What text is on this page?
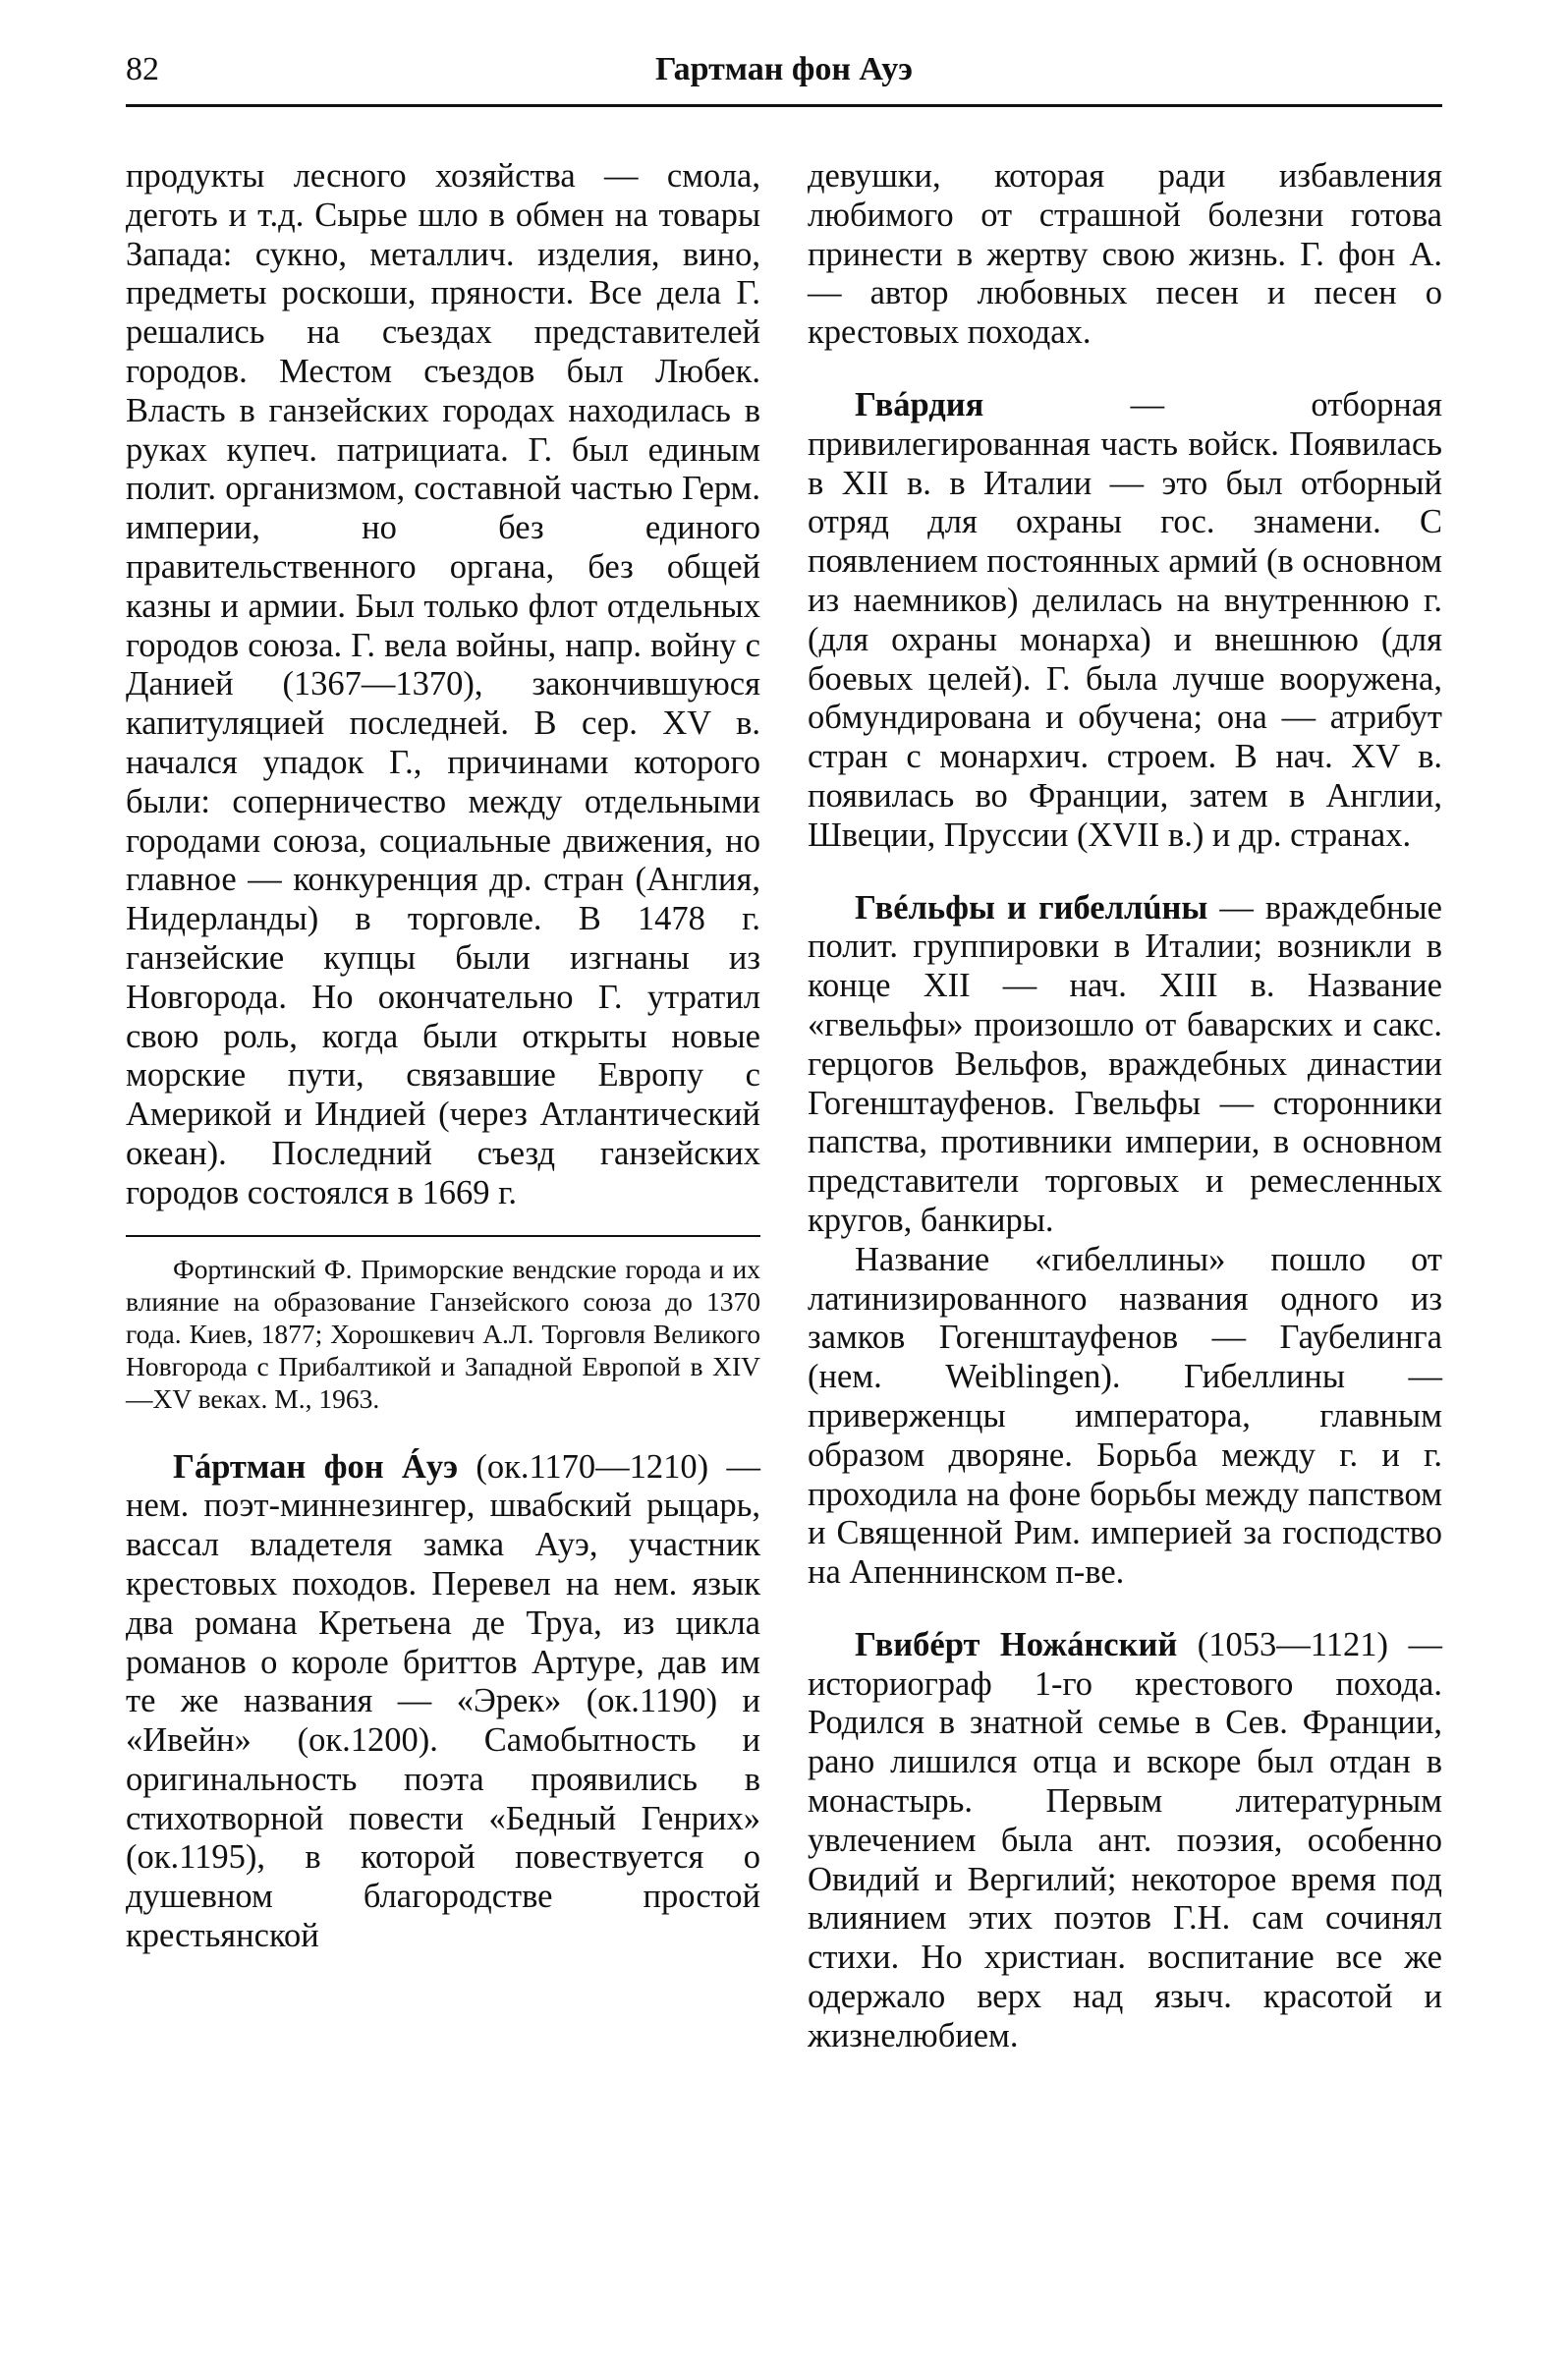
82	Гартман фон Ауэ

продукты лесного хозяйства — смола, деготь и т.д. Сырье шло в обмен на товары Запада: сукно, металлич. изделия, вино, предметы роскоши, пряности. Все дела Г. решались на съездах представителей городов. Местом съездов был Любек. Власть в ганзейских городах находилась в руках купеч. патрициата. Г. был единым полит. организмом, составной частью Герм. империи, но без единого правительственного органа, без общей казны и армии. Был только флот отдельных городов союза. Г. вела войны, напр. войну с Данией (1367—1370), закончившуюся капитуляцией последней. В сер. XV в. начался упадок Г., причинами которого были: соперничество между отдельными городами союза, социальные движения, но главное — конкуренция др. стран (Англия, Нидерланды) в торговле. В 1478 г. ганзейские купцы были изгнаны из Новгорода. Но окончательно Г. утратил свою роль, когда были открыты новые морские пути, связавшие Европу с Америкой и Индией (через Атлантический океан). Последний съезд ганзейских городов состоялся в 1669 г.

Фортинский Ф. Приморские вендские города и их влияние на образование Ганзейского союза до 1370 года. Киев, 1877; Хорошкевич А.Л. Торговля Великого Новгорода с Прибалтикой и Западной Европой в XIV—XV веках. М., 1963.

Гáртман фон Áуэ (ок.1170—1210) — нем. поэт-миннезингер, швабский рыцарь, вассал владетеля замка Ауэ, участник крестовых походов. Перевел на нем. язык два романа Кретьена де Труа, из цикла романов о короле бриттов Артуре, дав им те же названия — «Эрек» (ок.1190) и «Ивейн» (ок.1200). Самобытность и оригинальность поэта проявились в стихотворной повести «Бедный Генрих» (ок.1195), в которой повествуется о душевном благородстве простой крестьянской

девушки, которая ради избавления любимого от страшной болезни готова принести в жертву свою жизнь. Г. фон А. — автор любовных песен и песен о крестовых походах.

Гвáрдия	— отборная привилегированная часть войск. Появилась в XII в. в Италии — это был отборный отряд для охраны гос. знамени. С появлением постоянных армий (в основном из наемников) делилась на внутреннюю г. (для охраны монарха) и внешнюю (для боевых целей). Г. была лучше вооружена, обмундирована и обучена; она — атрибут стран с монархич. строем. В нач. XV в. появилась во Франции, затем в Англии, Швеции, Пруссии (XVII в.) и др. странах.

Гвéльфы и гибеллúны — враждебные полит. группировки в Италии; возникли в конце XII — нач. XIII в. Название «гвельфы» произошло от баварских и сакс. герцогов Вельфов, враждебных династии Гогенштауфенов. Гвельфы — сторонники папства, противники империи, в основном представители торговых и ремесленных кругов, банкиры.

Название «гибеллины» пошло от латинизированного названия одного из замков Гогенштауфенов — Гаубелинга (нем. Weiblingen). Гибеллины — приверженцы императора, главным образом дворяне. Борьба между г. и г. проходила на фоне борьбы между папством и Священной Рим. империей за господство на Апеннинском п-ве.

Гвибéрт Ножáнский (1053—1121) — историограф 1-го крестового похода. Родился в знатной семье в Сев. Франции, рано лишился отца и вскоре был отдан в монастырь. Первым литературным увлечением была ант. поэзия, особенно Овидий и Вергилий; некоторое время под влиянием этих поэтов Г.Н. сам сочинял стихи. Но христиан. воспитание все же одержало верх над языч. красотой и жизнелюбием.
